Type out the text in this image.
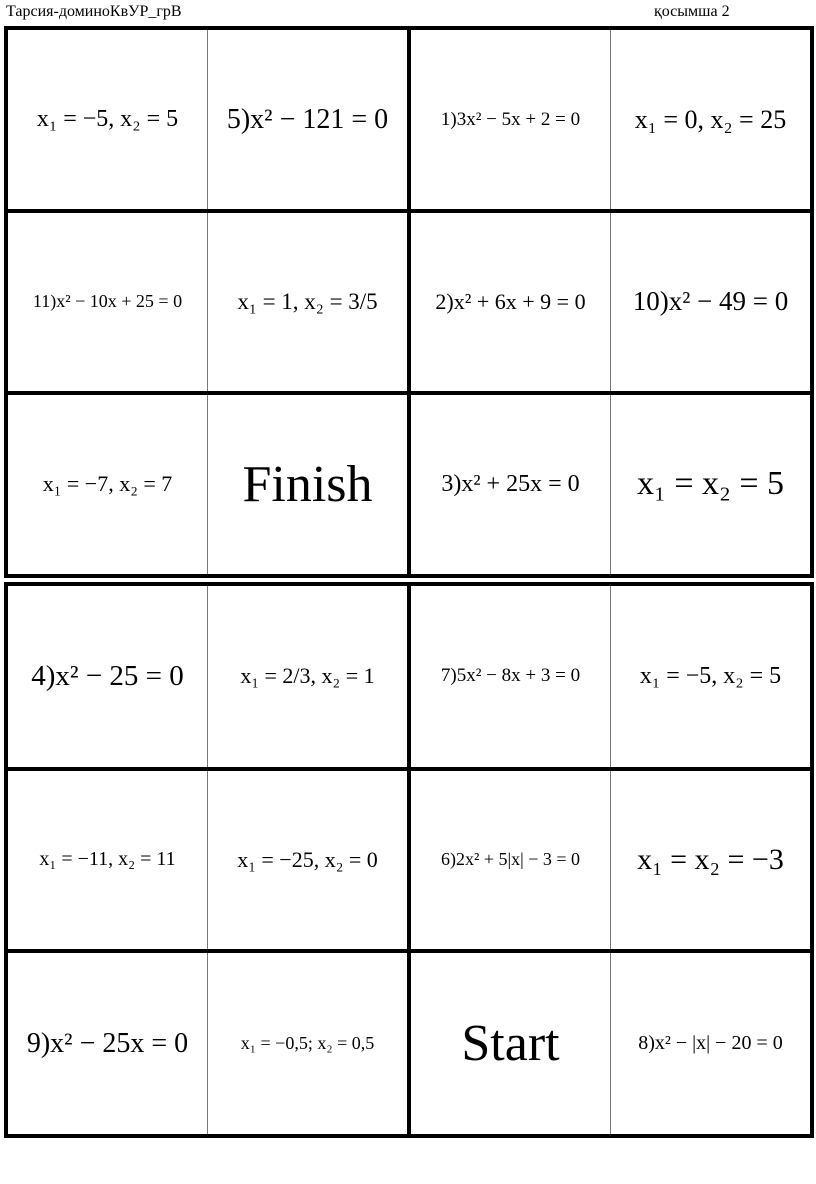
Тарсия-доминоКвУР_грВ	қосымша 2
x₁ = −5, x₂ = 5	5)x² − 121 = 0	1)3x² − 5x + 2 = 0	x₁ = 0, x₂ = 25
11)x² − 10x + 25 = 0	x₁ = 1, x₂ = 3/5	2)x² + 6x + 9 = 0	10)x² − 49 = 0
x₁ = −7, x₂ = 7	Finish	3)x² + 25x = 0	x₁ = x₂ = 5
4)x² − 25 = 0	x₁ = 2/3, x₂ = 1	7)5x² − 8x + 3 = 0	x₁ = −5, x₂ = 5
x₁ = −11, x₂ = 11	x₁ = −25, x₂ = 0	6)2x² + 5|x| − 3 = 0	x₁ = x₂ = −3
9)x² − 25x = 0	x₁ = −0,5; x₂ = 0,5	Start	8)x² − |x| − 20 = 0
